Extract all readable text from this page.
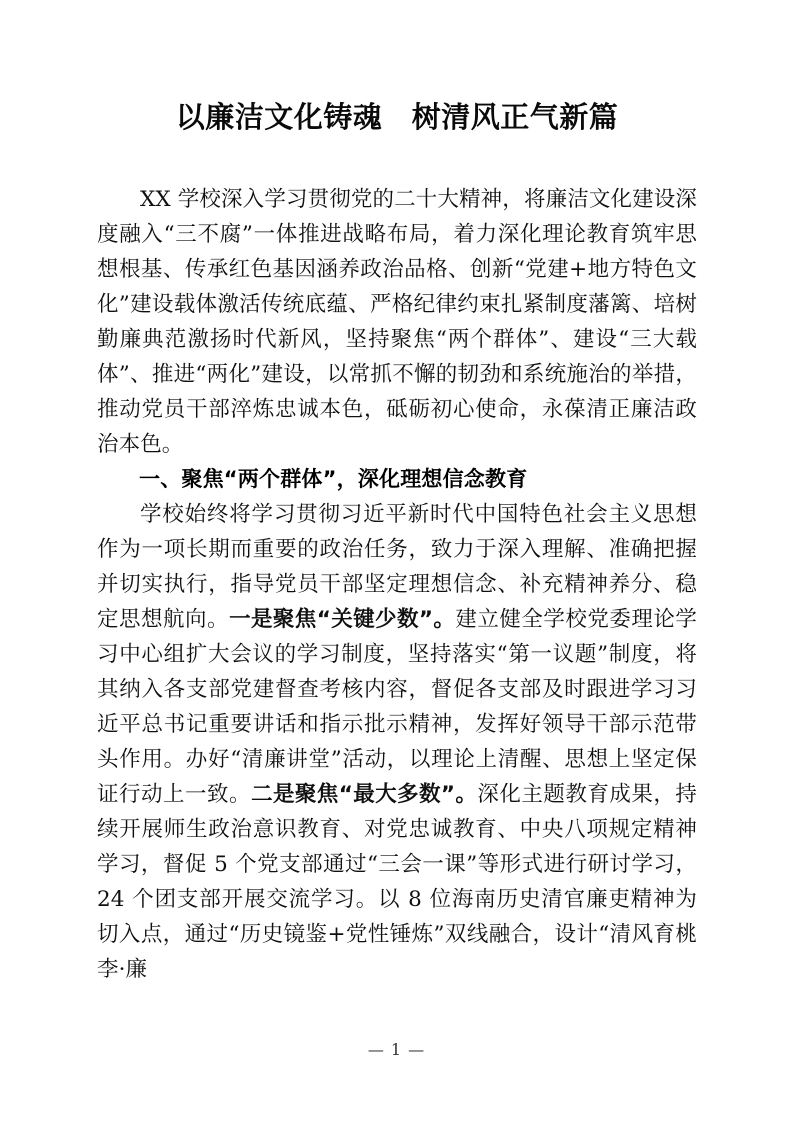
以廉洁文化铸魂　树清风正气新篇

XX 学校深入学习贯彻党的二十大精神，将廉洁文化建设深度融入“三不腐”一体推进战略布局，着力深化理论教育筑牢思想根基、传承红色基因涵养政治品格、创新“党建+地方特色文化”建设载体激活传统底蕴、严格纪律约束扎紧制度藩篱、培树勤廉典范激扬时代新风，坚持聚焦“两个群体”、建设“三大载体”、推进“两化”建设，以常抓不懈的韧劲和系统施治的举措，推动党员干部淬炼忠诚本色，砥砺初心使命，永葆清正廉洁政治本色。

一、聚焦“两个群体”，深化理想信念教育

学校始终将学习贯彻习近平新时代中国特色社会主义思想作为一项长期而重要的政治任务，致力于深入理解、准确把握并切实执行，指导党员干部坚定理想信念、补充精神养分、稳定思想航向。一是聚焦“关键少数”。建立健全学校党委理论学习中心组扩大会议的学习制度，坚持落实“第一议题”制度，将其纳入各支部党建督查考核内容，督促各支部及时跟进学习习近平总书记重要讲话和指示批示精神，发挥好领导干部示范带头作用。办好“清廉讲堂”活动，以理论上清醒、思想上坚定保证行动上一致。二是聚焦“最大多数”。深化主题教育成果，持续开展师生政治意识教育、对党忠诚教育、中央八项规定精神学习，督促 5 个党支部通过“三会一课”等形式进行研讨学习，24 个团支部开展交流学习。以 8 位海南历史清官廉吏精神为切入点，通过“历史镜鉴+党性锤炼”双线融合，设计“清风育桃李·廉

— 1 —
